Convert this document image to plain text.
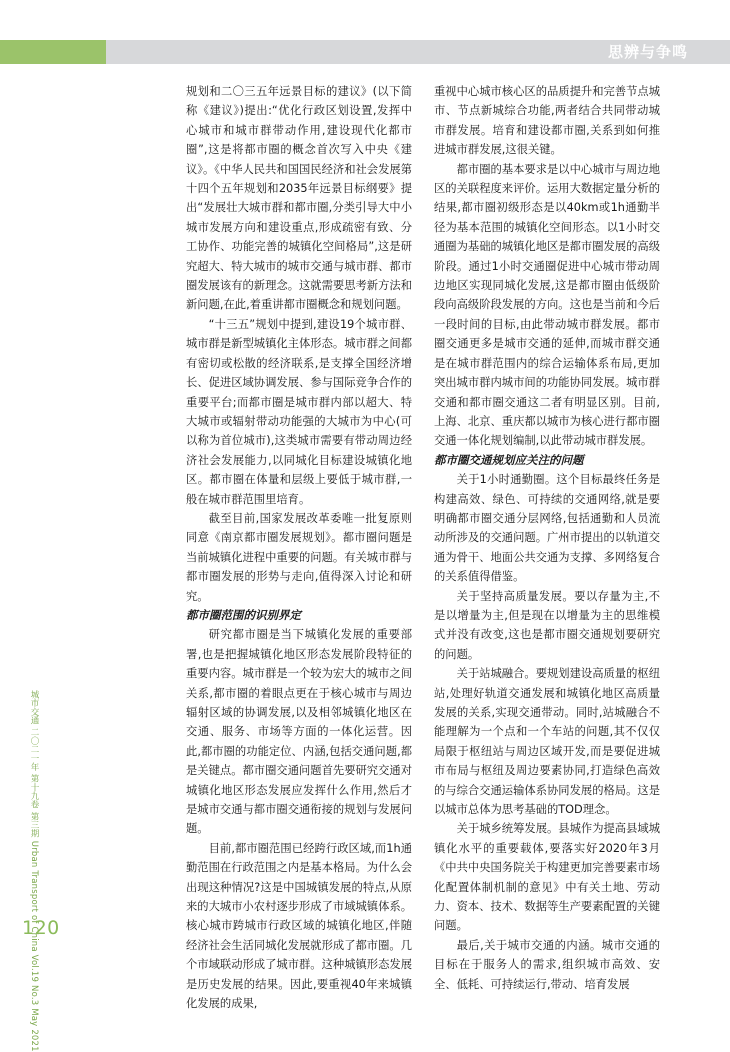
思辨与争鸣

规划和二〇三五年远景目标的建议》(以下简称《建议》)提出:“优化行政区划设置,发挥中心城市和城市群带动作用,建设现代化都市圈”,这是将都市圈的概念首次写入中央《建议》。《中华人民共和国国民经济和社会发展第十四个五年规划和2035年远景目标纲要》提出“发展壮大城市群和都市圈,分类引导大中小城市发展方向和建设重点,形成疏密有致、分工协作、功能完善的城镇化空间格局”,这是研究超大、特大城市的城市交通与城市群、都市圈发展该有的新理念。这就需要思考新方法和新问题,在此,着重讲都市圈概念和规划问题。

“十三五”规划中提到,建设19个城市群、城市群是新型城镇化主体形态。城市群之间都有密切或松散的经济联系,是支撑全国经济增长、促进区域协调发展、参与国际竞争合作的重要平台;而都市圈是城市群内部以超大、特大城市或辐射带动功能强的大城市为中心(可以称为首位城市),这类城市需要有带动周边经济社会发展能力,以同城化目标建设城镇化地区。都市圈在体量和层级上要低于城市群,一般在城市群范围里培育。

截至目前,国家发展改革委唯一批复原则同意《南京都市圈发展规划》。都市圈问题是当前城镇化进程中重要的问题。有关城市群与都市圈发展的形势与走向,值得深入讨论和研究。

都市圈范围的识别界定

研究都市圈是当下城镇化发展的重要部署,也是把握城镇化地区形态发展阶段特征的重要内容。城市群是一个较为宏大的城市之间关系,都市圈的着眼点更在于核心城市与周边辐射区域的协调发展,以及相邻城镇化地区在交通、服务、市场等方面的一体化运营。因此,都市圈的功能定位、内涵,包括交通问题,都是关键点。都市圈交通问题首先要研究交通对城镇化地区形态发展应发挥什么作用,然后才是城市交通与都市圈交通衔接的规划与发展问题。

目前,都市圈范围已经跨行政区域,而1h通勤范围在行政范围之内是基本格局。为什么会出现这种情况?这是中国城镇发展的特点,从原来的大城市小农村逐步形成了市域城镇体系。核心城市跨城市行政区域的城镇化地区,伴随经济社会生活同城化发展就形成了都市圈。几个市域联动形成了城市群。这种城镇形态发展是历史发展的结果。因此,要重视40年来城镇化发展的成果,

重视中心城市核心区的品质提升和完善节点城市、节点新城综合功能,两者结合共同带动城市群发展。培育和建设都市圈,关系到如何推进城市群发展,这很关键。

都市圈的基本要求是以中心城市与周边地区的关联程度来评价。运用大数据定量分析的结果,都市圈初级形态是以40km或1h通勤半径为基本范围的城镇化空间形态。以1小时交通圈为基础的城镇化地区是都市圈发展的高级阶段。通过1小时交通圈促进中心城市带动周边地区实现同城化发展,这是都市圈由低级阶段向高级阶段发展的方向。这也是当前和今后一段时间的目标,由此带动城市群发展。都市圈交通更多是城市交通的延伸,而城市群交通是在城市群范围内的综合运输体系布局,更加突出城市群内城市间的功能协同发展。城市群交通和都市圈交通这二者有明显区别。目前,上海、北京、重庆都以城市为核心进行都市圈交通一体化规划编制,以此带动城市群发展。

都市圈交通规划应关注的问题

关于1小时通勤圈。这个目标最终任务是构建高效、绿色、可持续的交通网络,就是要明确都市圈交通分层网络,包括通勤和人员流动所涉及的交通问题。广州市提出的以轨道交通为骨干、地面公共交通为支撑、多网络复合的关系值得借鉴。

关于坚持高质量发展。要以存量为主,不是以增量为主,但是现在以增量为主的思维模式并没有改变,这也是都市圈交通规划要研究的问题。

关于站城融合。要规划建设高质量的枢纽站,处理好轨道交通发展和城镇化地区高质量发展的关系,实现交通带动。同时,站城融合不能理解为一个点和一个车站的问题,其不仅仅局限于枢纽站与周边区域开发,而是要促进城市布局与枢纽及周边要素协同,打造绿色高效的与综合交通运输体系协同发展的格局。这是以城市总体为思考基础的TOD理念。

关于城乡统筹发展。县城作为提高县域城镇化水平的重要载体,要落实好2020年3月《中共中央国务院关于构建更加完善要素市场化配置体制机制的意见》中有关土地、劳动力、资本、技术、数据等生产要素配置的关键问题。

最后,关于城市交通的内涵。城市交通的目标在于服务人的需求,组织城市高效、安全、低耗、可持续运行,带动、培育发展

城市交通 二〇二一年 第十九卷 第三期 Urban Transport of China Vol.19 No.3 May 2021
120
